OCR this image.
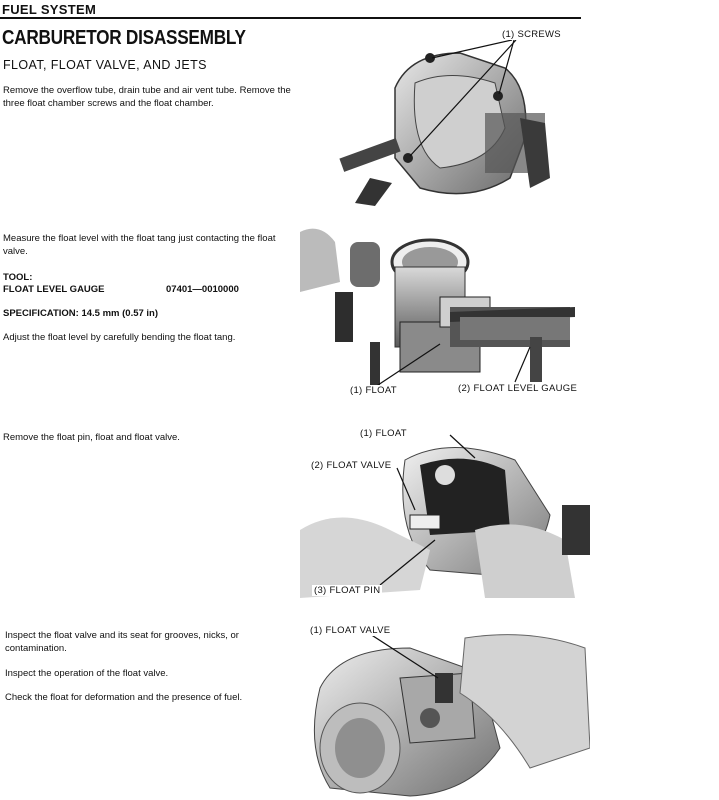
FUEL SYSTEM
CARBURETOR DISASSEMBLY
FLOAT, FLOAT VALVE, AND JETS
Remove the overflow tube, drain tube and air vent tube. Remove the three float chamber screws and the float chamber.
(1) SCREWS
Measure the float level with the float tang just contacting the float valve.
TOOL:
FLOAT LEVEL GAUGE	07401—0010000
SPECIFICATION: 14.5 mm (0.57 in)
Adjust the float level by carefully bending the float tang.
(1) FLOAT	(2) FLOAT LEVEL GAUGE
Remove the float pin, float and float valve.	(1) FLOAT
(2) FLOAT VALVE
(3) FLOAT PIN
Inspect the float valve and its seat for grooves, nicks, or contamination.
Inspect the operation of the float valve.
Check the float for deformation and the presence of fuel.
(1) FLOAT VALVE
